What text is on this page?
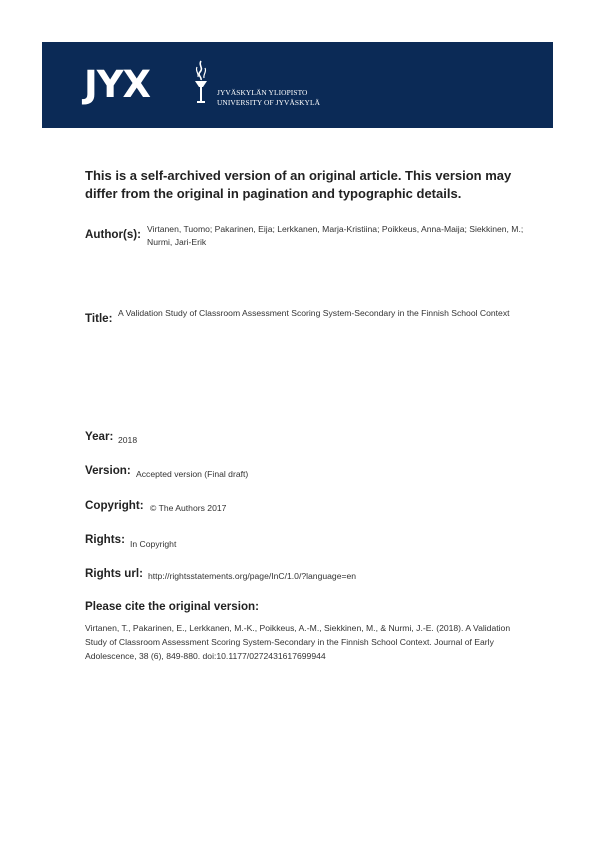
JYX	JYVÄSKYLÄN YLIOPISTO
UNIVERSITY OF JYVÄSKYLÄ
This is a self-archived version of an original article. This version may differ from the original in pagination and typographic details.
Author(s): Virtanen, Tuomo; Pakarinen, Eija; Lerkkanen, Marja-Kristiina; Poikkeus, Anna-Maija; Siekkinen, M.; Nurmi, Jari-Erik
Title: A Validation Study of Classroom Assessment Scoring System-Secondary in the Finnish School Context
Year: 2018
Version: Accepted version (Final draft)
Copyright: © The Authors 2017
Rights: In Copyright
Rights url: http://rightsstatements.org/page/InC/1.0/?language=en
Please cite the original version:
Virtanen, T., Pakarinen, E., Lerkkanen, M.-K., Poikkeus, A.-M., Siekkinen, M., & Nurmi, J.-E. (2018). A Validation Study of Classroom Assessment Scoring System-Secondary in the Finnish School Context. Journal of Early Adolescence, 38 (6), 849-880. doi:10.1177/0272431617699944
